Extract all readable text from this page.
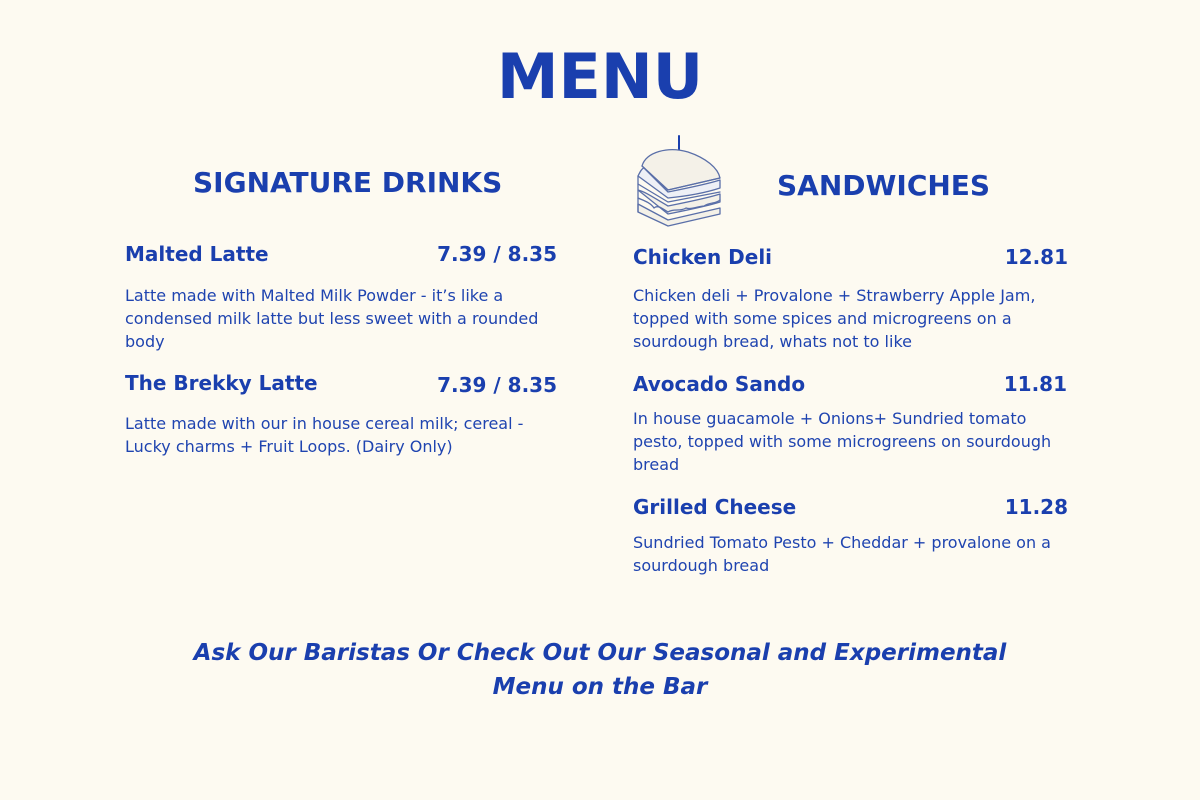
MENU
SIGNATURE DRINKS
Malted Latte	7.39 / 8.35
Latte made with Malted Milk Powder - it’s like a condensed milk latte but less sweet with a rounded body
The Brekky Latte	7.39 / 8.35
Latte made with our in house cereal milk; cereal - Lucky charms + Fruit Loops. (Dairy Only)
SANDWICHES
Chicken Deli	12.81
Chicken deli + Provalone + Strawberry Apple Jam, topped with some spices and microgreens on a sourdough bread, whats not to like
Avocado Sando	11.81
In house guacamole + Onions+ Sundried tomato pesto, topped with some microgreens on sourdough bread
Grilled Cheese	11.28
Sundried Tomato Pesto + Cheddar + provalone on a sourdough bread
Ask Our Baristas Or Check Out Our Seasonal and Experimental
Menu on the Bar
